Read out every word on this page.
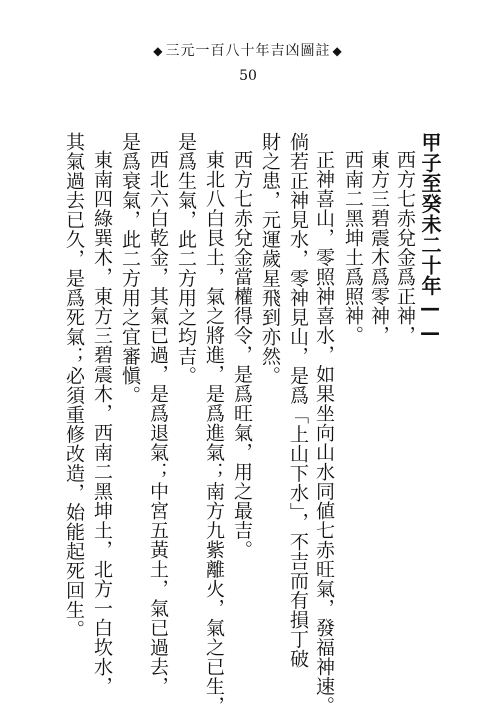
◆ 三元一百八十年吉凶圖註 ◆
50
甲子至癸未二十年——
西方七赤兌金爲正神，
東方三碧震木爲零神，
西南二黑坤土爲照神。
正神喜山，零照神喜水，如果坐向山水同値七赤旺氣，發福神速。
倘若正神見水，零神見山，是爲「上山下水」，不吉而有損丁破
財之患，元運歲星飛到亦然。
西方七赤兌金當權得令，是爲旺氣，用之最吉。
東北八白艮土，氣之將進，是爲進氣；南方九紫離火，氣之已生，
是爲生氣，此二方用之均吉。
西北六白乾金，其氣已過，是爲退氣；中宮五黃土，氣已過去，
是爲衰氣，此二方用之宜審愼。
東南四綠巽木，東方三碧震木，西南二黑坤土，北方一白坎水，
其氣過去已久，是爲死氣；必須重修改造，始能起死回生。
